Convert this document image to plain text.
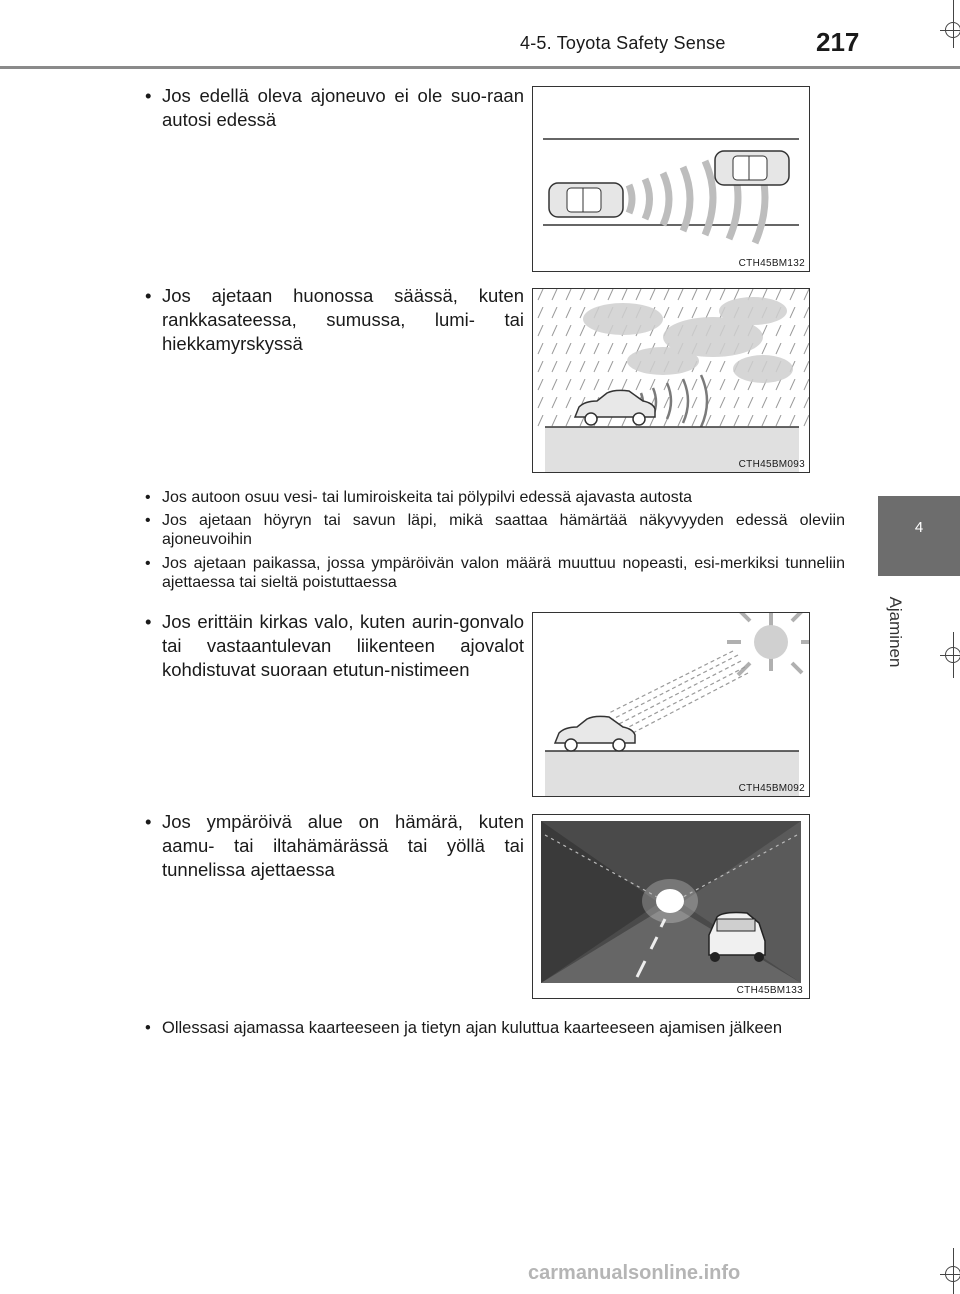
4-5. Toyota Safety Sense	217
4
Ajaminen
• Jos edellä oleva ajoneuvo ei ole suo-raan autosi edessä
CTH45BM132
• Jos ajetaan huonossa säässä, kuten rankkasateessa, sumussa, lumi- tai hiekkamyrskyssä
CTH45BM093
• Jos autoon osuu vesi- tai lumiroiskeita tai pölypilvi edessä ajavasta autosta
• Jos ajetaan höyryn tai savun läpi, mikä saattaa hämärtää näkyvyyden edessä oleviin ajoneuvoihin
• Jos ajetaan paikassa, jossa ympäröivän valon määrä muuttuu nopeasti, esi-merkiksi tunneliin ajettaessa tai sieltä poistuttaessa
• Jos erittäin kirkas valo, kuten aurin-gonvalo tai vastaantulevan liikenteen ajovalot kohdistuvat suoraan etutun-nistimeen
CTH45BM092
• Jos ympäröivä alue on hämärä, kuten aamu- tai iltahämärässä tai yöllä tai tunnelissa ajettaessa
CTH45BM133
• Ollessasi ajamassa kaarteeseen ja tietyn ajan kuluttua kaarteeseen ajamisen jälkeen
carmanualsonline.info
